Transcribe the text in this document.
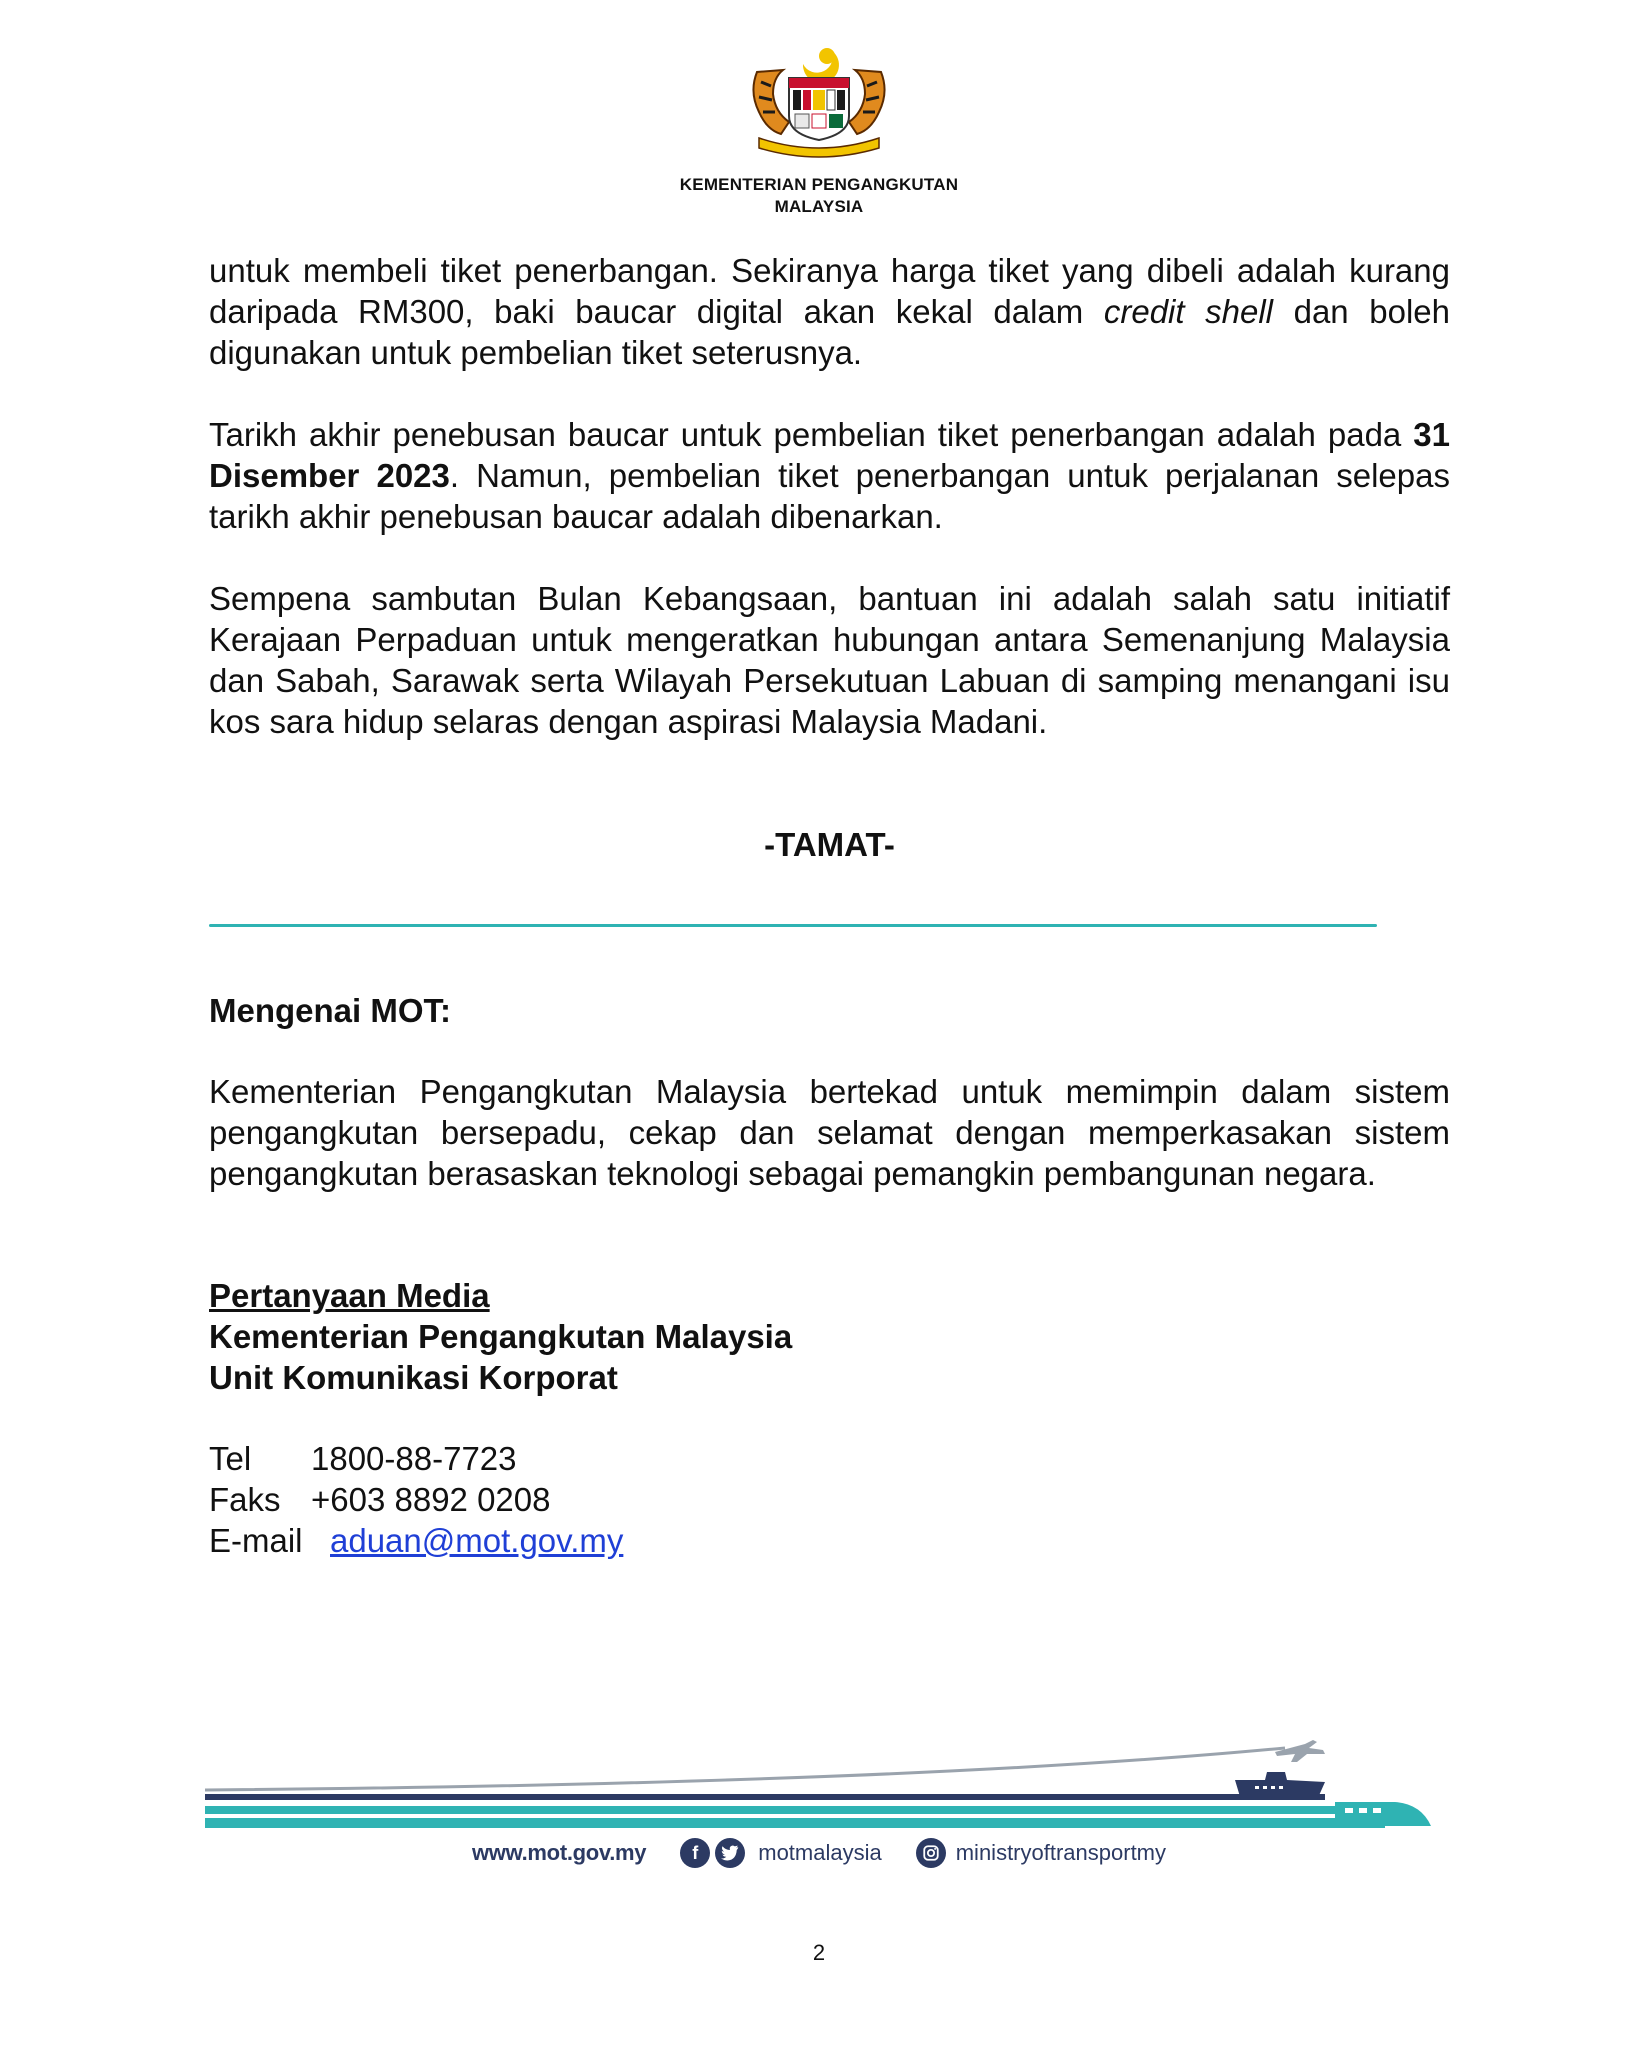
KEMENTERIAN PENGANGKUTAN
MALAYSIA

untuk membeli tiket penerbangan. Sekiranya harga tiket yang dibeli adalah kurang daripada RM300, baki baucar digital akan kekal dalam credit shell dan boleh digunakan untuk pembelian tiket seterusnya.

Tarikh akhir penebusan baucar untuk pembelian tiket penerbangan adalah pada 31 Disember 2023. Namun, pembelian tiket penerbangan untuk perjalanan selepas tarikh akhir penebusan baucar adalah dibenarkan.

Sempena sambutan Bulan Kebangsaan, bantuan ini adalah salah satu initiatif Kerajaan Perpaduan untuk mengeratkan hubungan antara Semenanjung Malaysia dan Sabah, Sarawak serta Wilayah Persekutuan Labuan di samping menangani isu kos sara hidup selaras dengan aspirasi Malaysia Madani.

-TAMAT-
Mengenai MOT:
Kementerian Pengangkutan Malaysia bertekad untuk memimpin dalam sistem pengangkutan bersepadu, cekap dan selamat dengan memperkasakan sistem pengangkutan berasaskan teknologi sebagai pemangkin pembangunan negara.
Pertanyaan Media
Kementerian Pengangkutan Malaysia
Unit Komunikasi Korporat
Tel	1800-88-7723
Faks +603 8892 0208
E-mail aduan@mot.gov.my
www.mot.gov.my	f	motmalaysia	ministryoftransportmy
2
